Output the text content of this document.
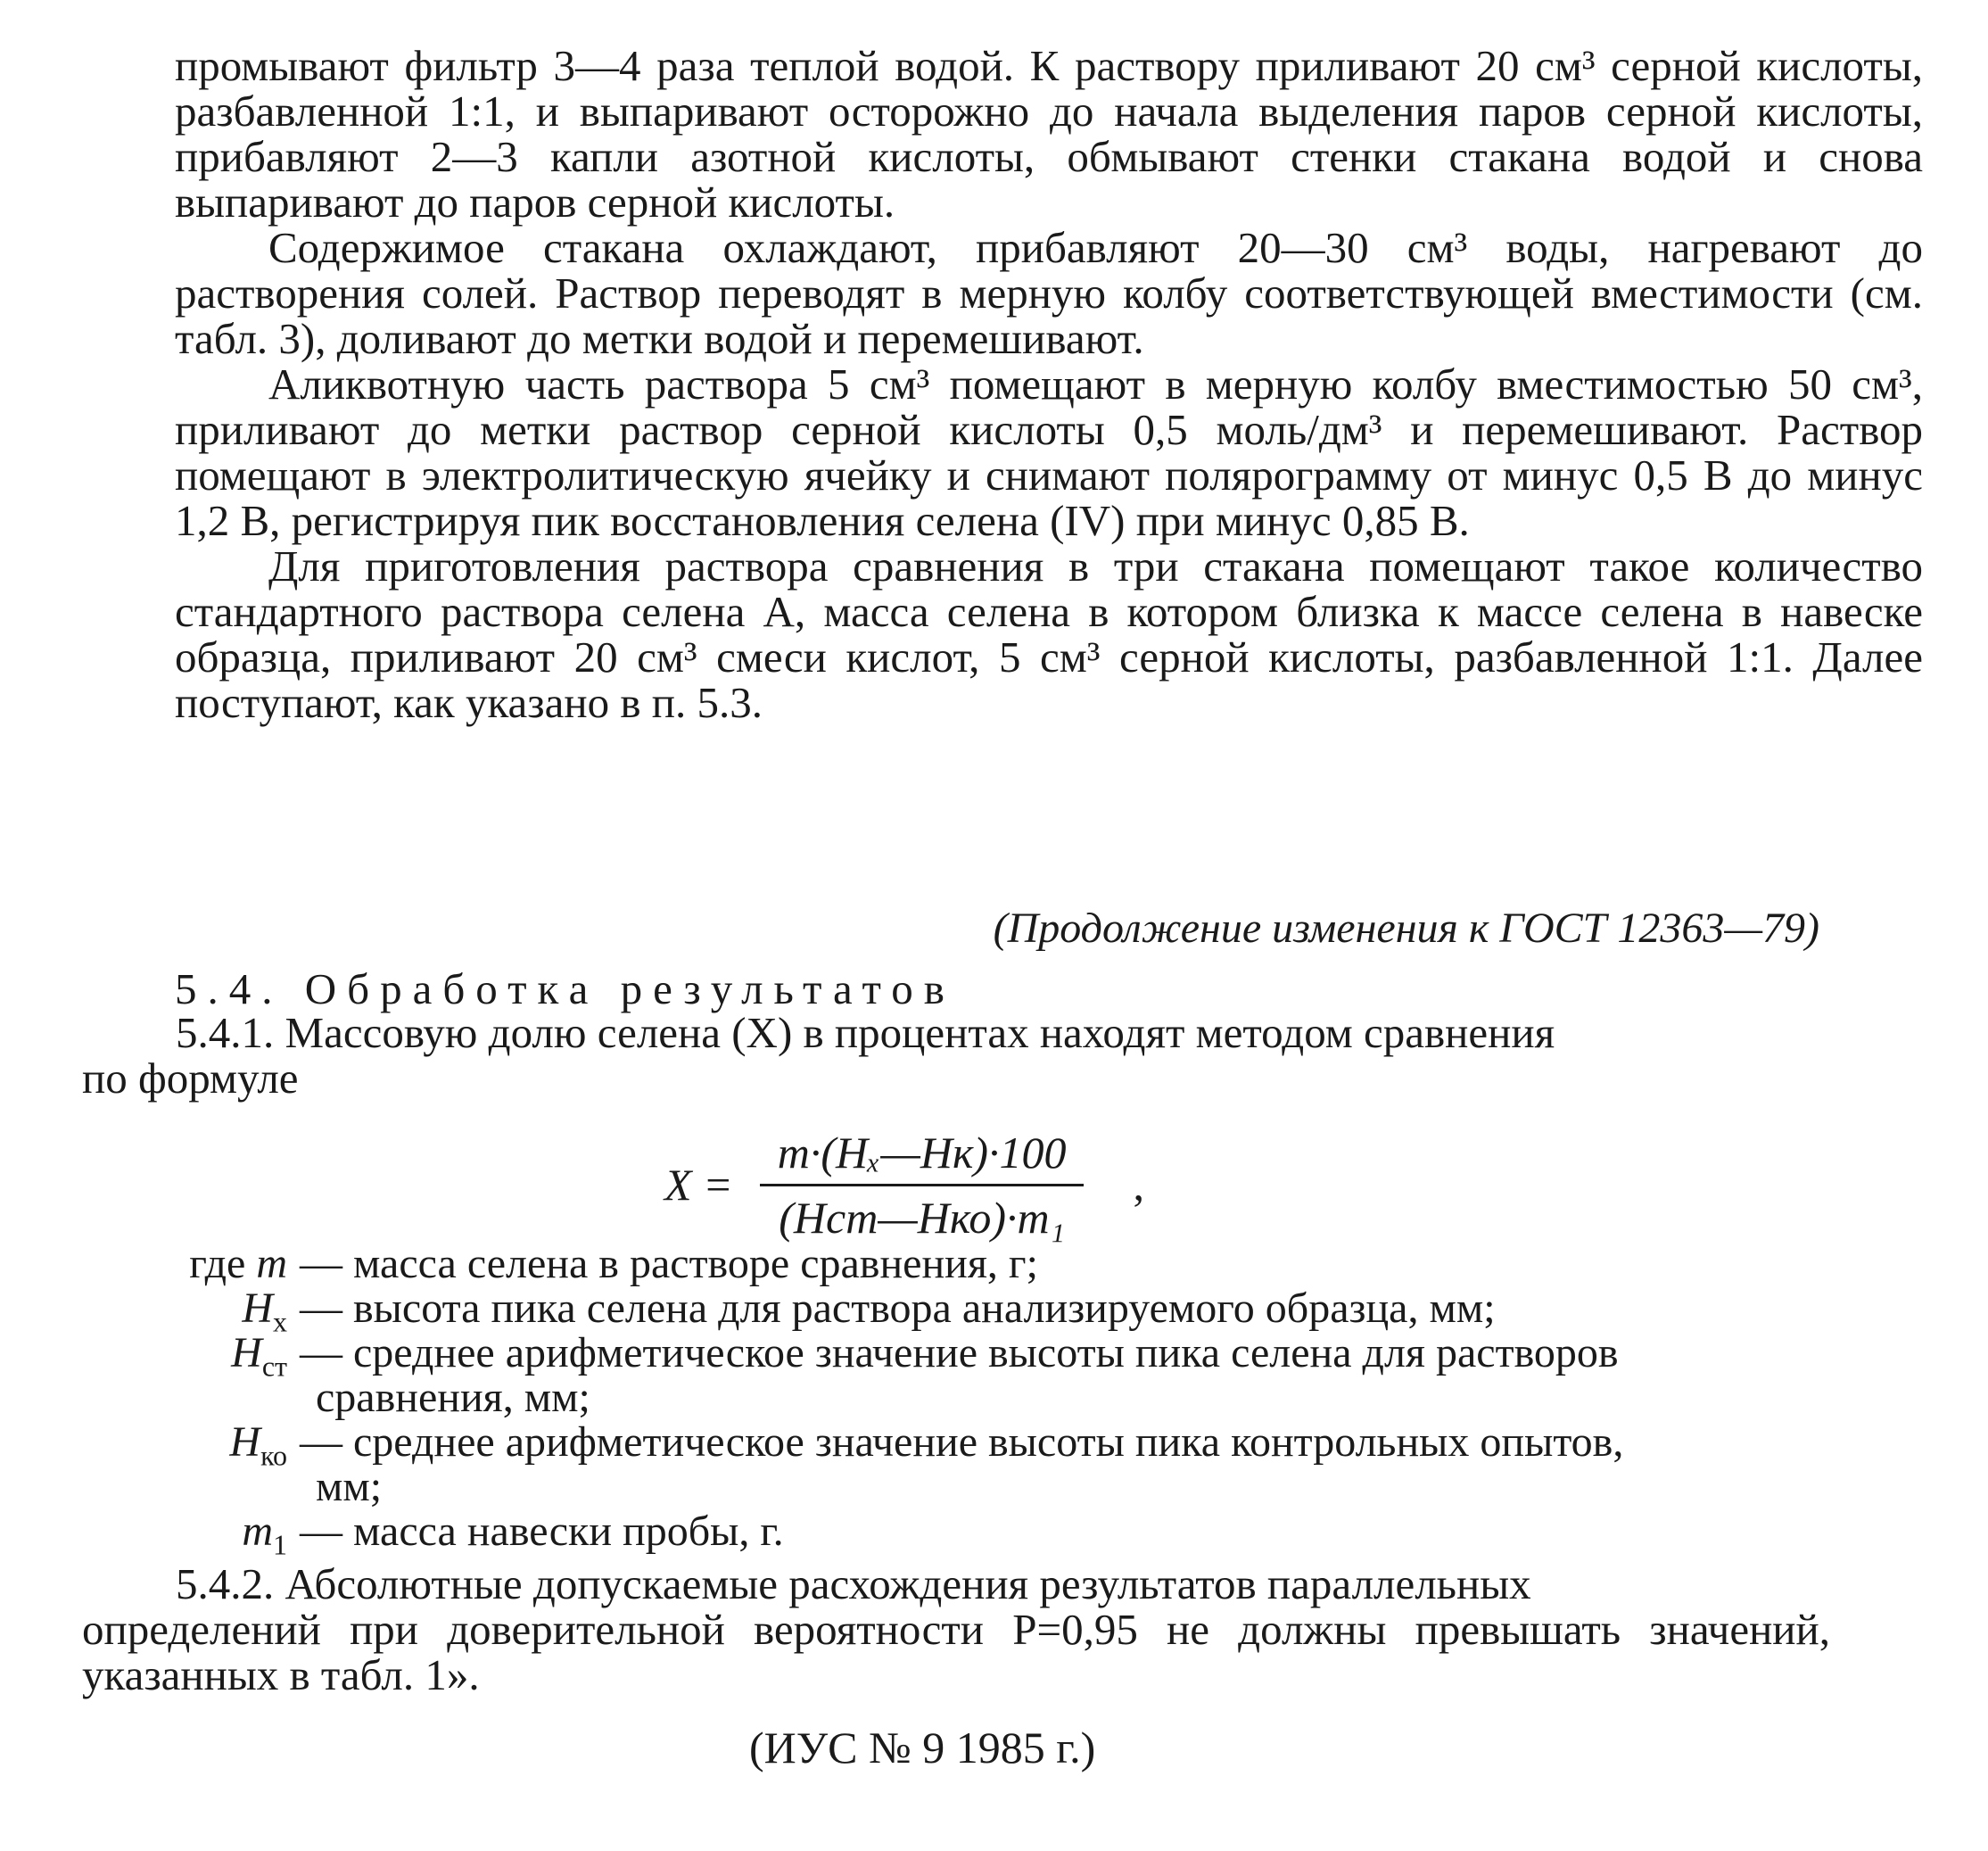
промывают фильтр 3—4 раза теплой водой. К раствору приливают 20 см³ серной кислоты, разбавленной 1:1, и выпаривают осторожно до начала выделения паров серной кислоты, прибавляют 2—3 капли азотной кислоты, обмывают стенки стакана водой и снова выпаривают до паров серной кислоты.

Содержимое стакана охлаждают, прибавляют 20—30 см³ воды, нагревают до растворения солей. Раствор переводят в мерную колбу соответствующей вместимости (см. табл. 3), доливают до метки водой и перемешивают.

Аликвотную часть раствора 5 см³ помещают в мерную колбу вместимостью 50 см³, приливают до метки раствор серной кислоты 0,5 моль/дм³ и перемешивают. Раствор помещают в электролитическую ячейку и снимают полярограмму от минус 0,5 В до минус 1,2 В, регистрируя пик восстановления селена (IV) при минус 0,85 В.

Для приготовления раствора сравнения в три стакана помещают такое количество стандартного раствора селена А, масса селена в котором близка к массе селена в навеске образца, приливают 20 см³ смеси кислот, 5 см³ серной кислоты, разбавленной 1:1. Далее поступают, как указано в п. 5.3.

(Продолжение изменения к ГОСТ 12363—79)
5.4. Обработка результатов
5.4.1. Массовую долю селена (X) в процентах находят методом сравнения
по формуле
$X = \frac{\text{m·(Hₓ—Hк)·100}}{\text{(Hст—Hко)·m₁}}$ ,
где m — масса селена в растворе сравнения, г;
$H_x$ — высота пика селена для раствора анализируемого образца, мм;
$H_{ст}$ — среднее арифметическое значение высоты пика селена для растворов
сравнения, мм;
$H_{ко}$ — среднее арифметическое значение высоты пика контрольных опытов,
мм;
$m_1$ — масса навески пробы, г.
5.4.2. Абсолютные допускаемые расхождения результатов параллельных
определений при доверительной вероятности P=0,95 не должны превышать значений, указанных в табл. 1».
(ИУС № 9 1985 г.)
